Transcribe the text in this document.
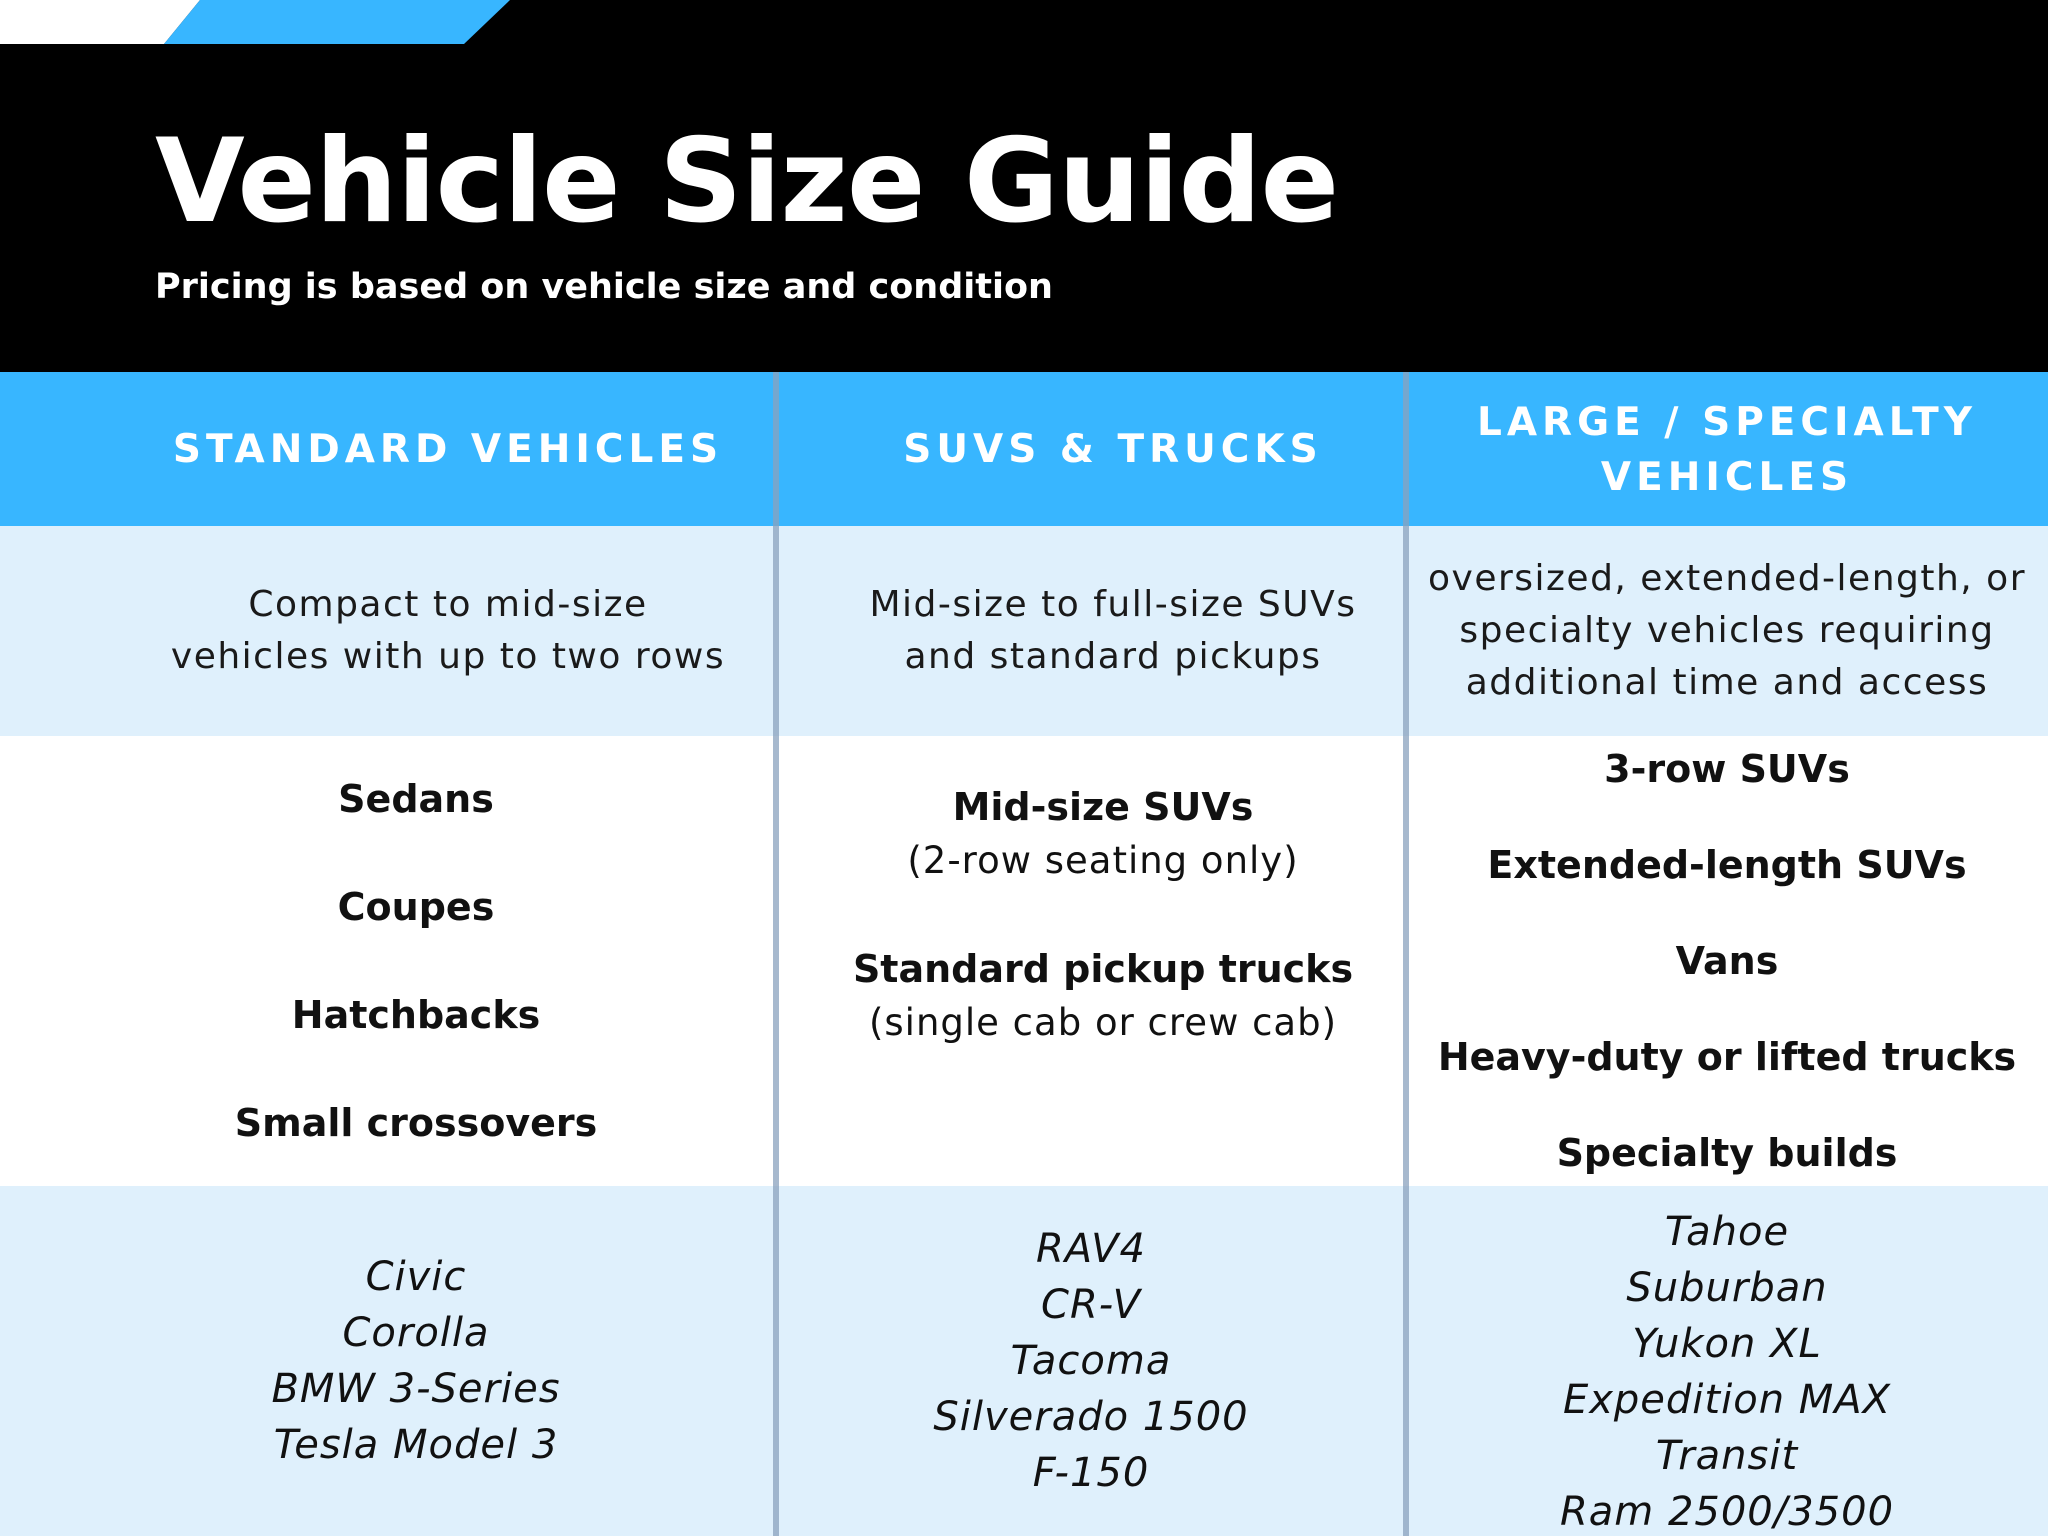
Vehicle Size Guide
Pricing is based on vehicle size and condition
STANDARD VEHICLES	SUVS & TRUCKS
LARGE / SPECIALTY
VEHICLES
Compact to mid-size
vehicles with up to two rows
Mid-size to full-size SUVs
and standard pickups
oversized, extended-length, or
specialty vehicles requiring
additional time and access
Sedans
Coupes
Hatchbacks
Small crossovers
Mid-size SUVs
(2-row seating only)
Standard pickup trucks
(single cab or crew cab)
3-row SUVs
Extended-length SUVs
Vans
Heavy-duty or lifted trucks
Specialty builds
Civic
Corolla
BMW 3-Series
Tesla Model 3
RAV4
CR-V
Tacoma
Silverado 1500
F-150
Tahoe
Suburban
Yukon XL
Expedition MAX
Transit
Ram 2500/3500
